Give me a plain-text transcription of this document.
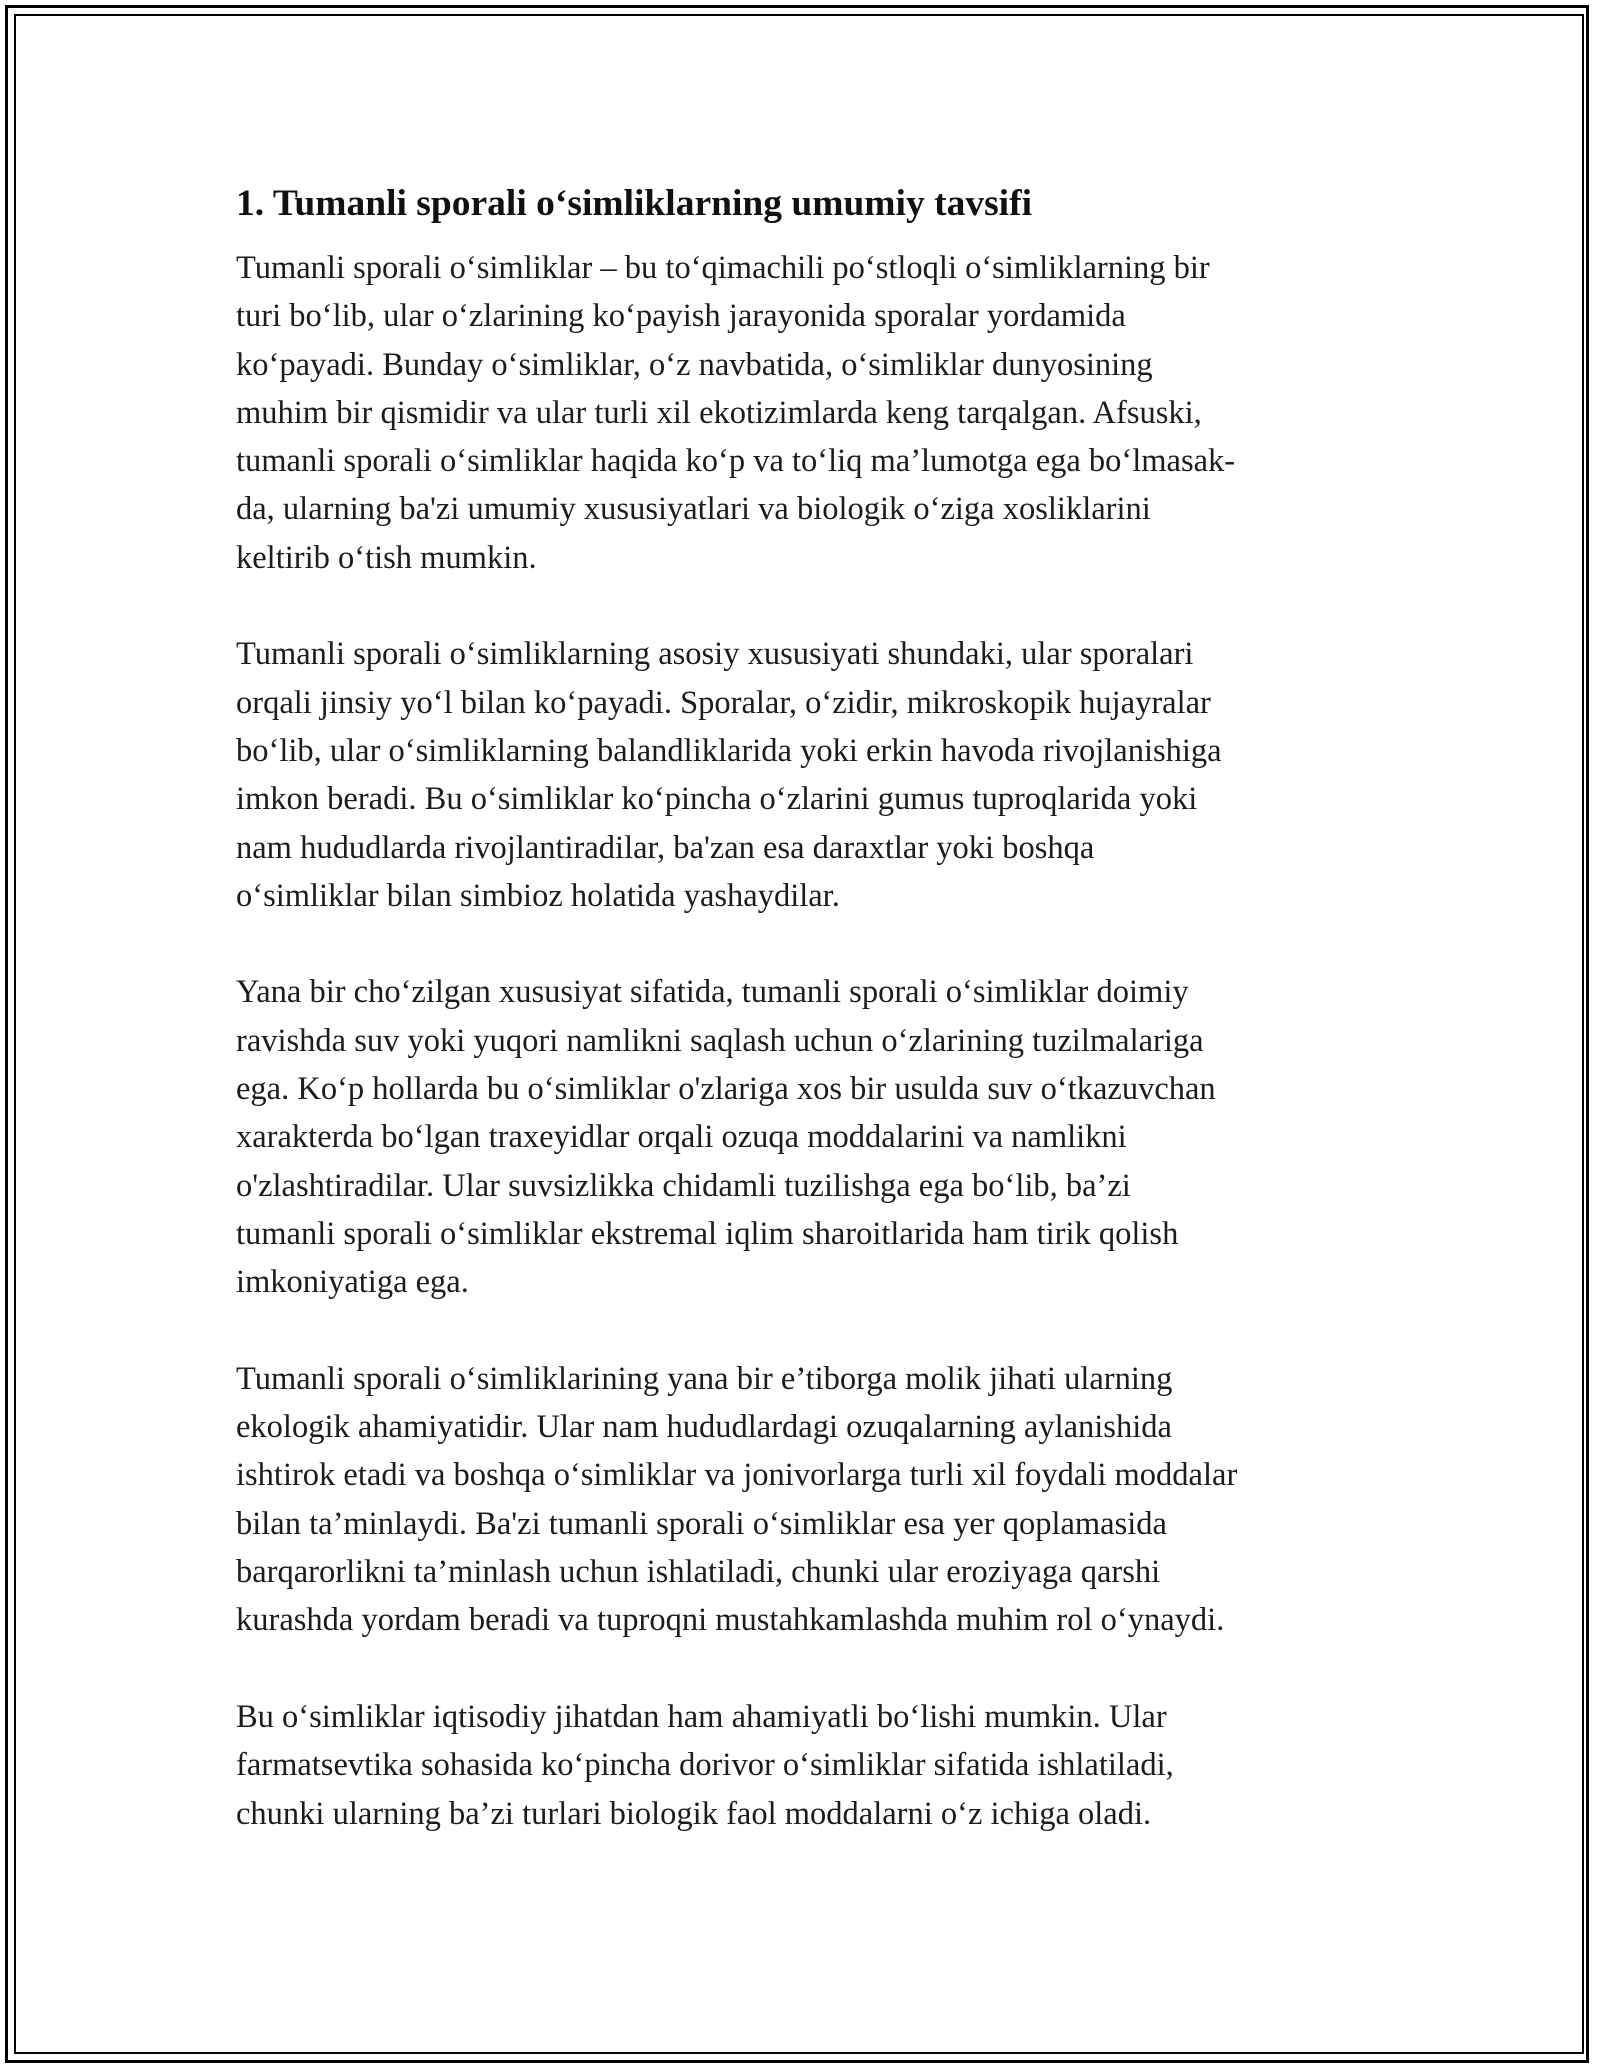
1. Tumanli sporali o‘simliklarning umumiy tavsifi

Tumanli sporali o‘simliklar – bu to‘qimachili po‘stloqli o‘simliklarning bir
turi bo‘lib, ular o‘zlarining ko‘payish jarayonida sporalar yordamida
ko‘payadi. Bunday o‘simliklar, o‘z navbatida, o‘simliklar dunyosining
muhim bir qismidir va ular turli xil ekotizimlarda keng tarqalgan. Afsuski,
tumanli sporali o‘simliklar haqida ko‘p va to‘liq ma’lumotga ega bo‘lmasak-
da, ularning ba'zi umumiy xususiyatlari va biologik o‘ziga xosliklarini
keltirib o‘tish mumkin.

Tumanli sporali o‘simliklarning asosiy xususiyati shundaki, ular sporalari
orqali jinsiy yo‘l bilan ko‘payadi. Sporalar, o‘zidir, mikroskopik hujayralar
bo‘lib, ular o‘simliklarning balandliklarida yoki erkin havoda rivojlanishiga
imkon beradi. Bu o‘simliklar ko‘pincha o‘zlarini gumus tuproqlarida yoki
nam hududlarda rivojlantiradilar, ba'zan esa daraxtlar yoki boshqa
o‘simliklar bilan simbioz holatida yashaydilar.

Yana bir cho‘zilgan xususiyat sifatida, tumanli sporali o‘simliklar doimiy
ravishda suv yoki yuqori namlikni saqlash uchun o‘zlarining tuzilmalariga
ega. Ko‘p hollarda bu o‘simliklar o'zlariga xos bir usulda suv o‘tkazuvchan
xarakterda bo‘lgan traxeyidlar orqali ozuqa moddalarini va namlikni
o'zlashtiradilar. Ular suvsizlikka chidamli tuzilishga ega bo‘lib, ba’zi
tumanli sporali o‘simliklar ekstremal iqlim sharoitlarida ham tirik qolish
imkoniyatiga ega.

Tumanli sporali o‘simliklarining yana bir e’tiborga molik jihati ularning
ekologik ahamiyatidir. Ular nam hududlardagi ozuqalarning aylanishida
ishtirok etadi va boshqa o‘simliklar va jonivorlarga turli xil foydali moddalar
bilan ta’minlaydi. Ba'zi tumanli sporali o‘simliklar esa yer qoplamasida
barqarorlikni ta’minlash uchun ishlatiladi, chunki ular eroziyaga qarshi
kurashda yordam beradi va tuproqni mustahkamlashda muhim rol o‘ynaydi.

Bu o‘simliklar iqtisodiy jihatdan ham ahamiyatli bo‘lishi mumkin. Ular
farmatsevtika sohasida ko‘pincha dorivor o‘simliklar sifatida ishlatiladi,
chunki ularning ba’zi turlari biologik faol moddalarni o‘z ichiga oladi.
